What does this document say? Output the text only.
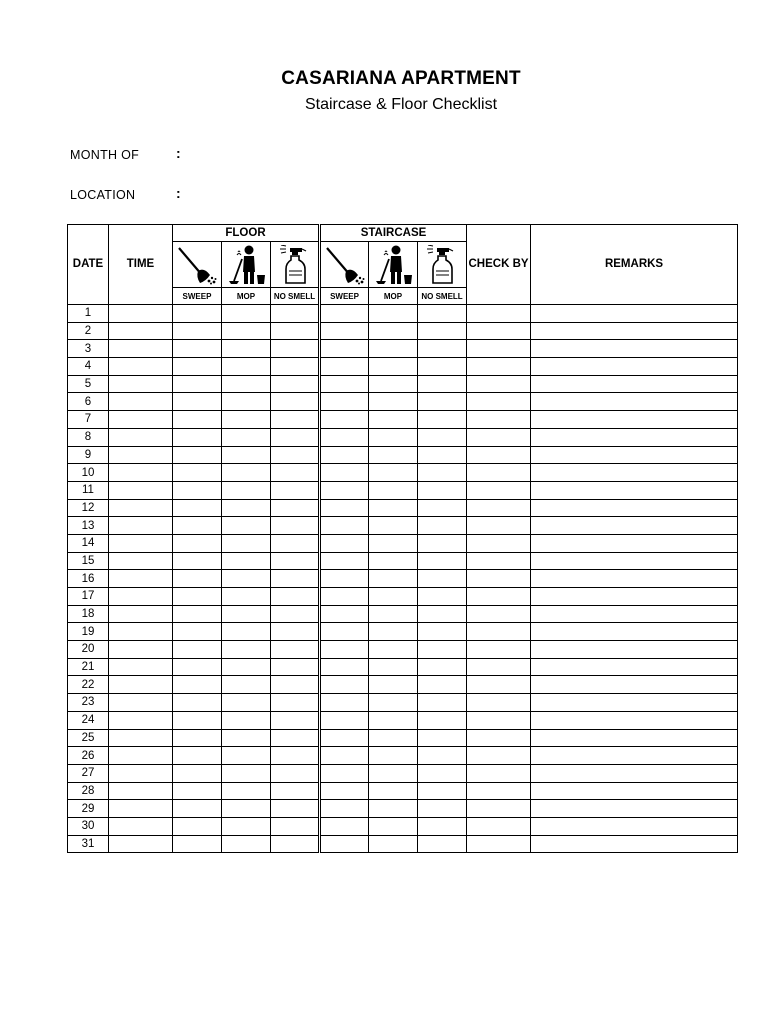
CASARIANA APARTMENT
Staircase & Floor Checklist
MONTH OF	:
LOCATION	:
DATE	TIME	FLOOR			STAIRCASE			CHECK BY	REMARKS

		SWEEP	MOP	NO SMELL	SWEEP	MOP	NO SMELL		
1									
2									
3									
4									
5									
6									
7									
8									
9									
10									
11									
12									
13									
14									
15									
16									
17									
18									
19									
20									
21									
22									
23									
24									
25									
26									
27									
28									
29									
30									
31									
